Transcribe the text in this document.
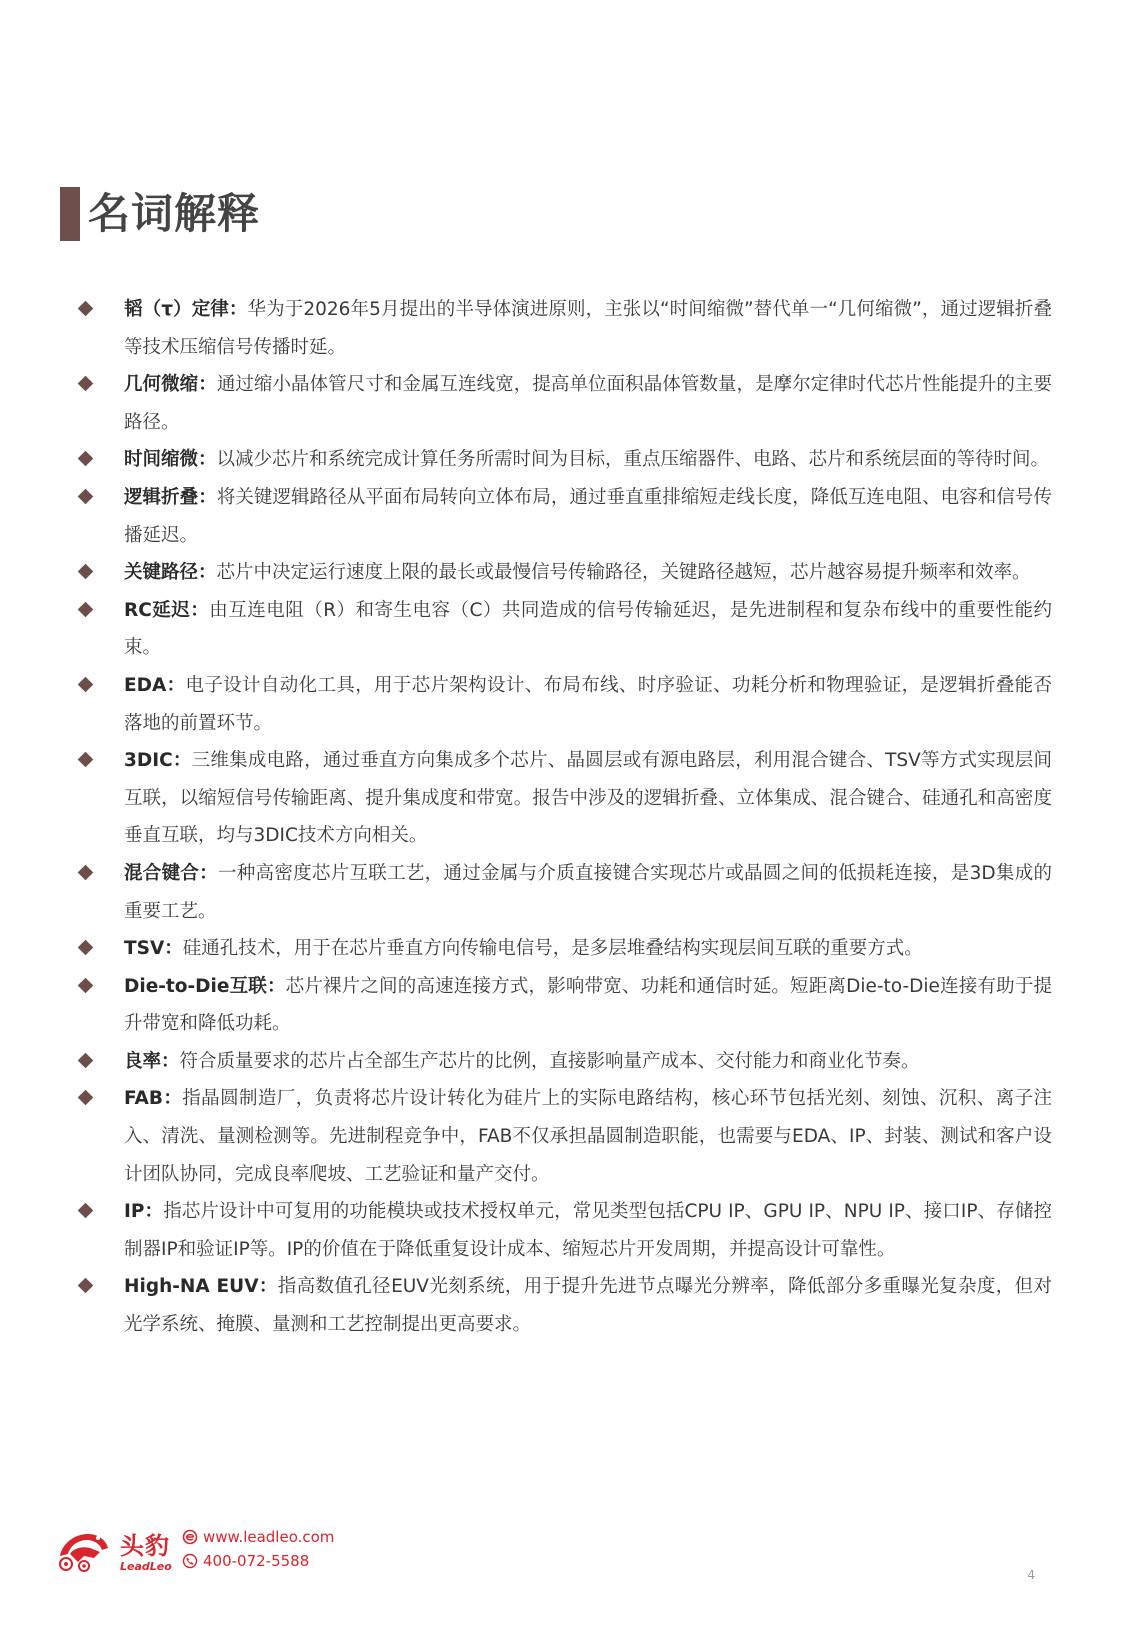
名词解释
韬（τ）定律：华为于2026年5月提出的半导体演进原则，主张以“时间缩微”替代单一“几何缩微”，通过逻辑折叠等技术压缩信号传播时延。
几何微缩：通过缩小晶体管尺寸和金属互连线宽，提高单位面积晶体管数量，是摩尔定律时代芯片性能提升的主要路径。
时间缩微：以减少芯片和系统完成计算任务所需时间为目标，重点压缩器件、电路、芯片和系统层面的等待时间。
逻辑折叠：将关键逻辑路径从平面布局转向立体布局，通过垂直重排缩短走线长度，降低互连电阻、电容和信号传播延迟。
关键路径：芯片中决定运行速度上限的最长或最慢信号传输路径，关键路径越短，芯片越容易提升频率和效率。
RC延迟：由互连电阻（R）和寄生电容（C）共同造成的信号传输延迟，是先进制程和复杂布线中的重要性能约束。
EDA：电子设计自动化工具，用于芯片架构设计、布局布线、时序验证、功耗分析和物理验证，是逻辑折叠能否落地的前置环节。
3DIC：三维集成电路，通过垂直方向集成多个芯片、晶圆层或有源电路层，利用混合键合、TSV等方式实现层间互联，以缩短信号传输距离、提升集成度和带宽。报告中涉及的逻辑折叠、立体集成、混合键合、硅通孔和高密度垂直互联，均与3DIC技术方向相关。
混合键合：一种高密度芯片互联工艺，通过金属与介质直接键合实现芯片或晶圆之间的低损耗连接，是3D集成的重要工艺。
TSV：硅通孔技术，用于在芯片垂直方向传输电信号，是多层堆叠结构实现层间互联的重要方式。
Die-to-Die互联：芯片裸片之间的高速连接方式，影响带宽、功耗和通信时延。短距离Die-to-Die连接有助于提升带宽和降低功耗。
良率：符合质量要求的芯片占全部生产芯片的比例，直接影响量产成本、交付能力和商业化节奏。
FAB：指晶圆制造厂，负责将芯片设计转化为硅片上的实际电路结构，核心环节包括光刻、刻蚀、沉积、离子注入、清洗、量测检测等。先进制程竞争中，FAB不仅承担晶圆制造职能，也需要与EDA、IP、封装、测试和客户设计团队协同，完成良率爬坡、工艺验证和量产交付。
IP：指芯片设计中可复用的功能模块或技术授权单元，常见类型包括CPU IP、GPU IP、NPU IP、接口IP、存储控制器IP和验证IP等。IP的价值在于降低重复设计成本、缩短芯片开发周期，并提高设计可靠性。
High-NA EUV：指高数值孔径EUV光刻系统，用于提升先进节点曝光分辨率，降低部分多重曝光复杂度，但对光学系统、掩膜、量测和工艺控制提出更高要求。
头豹
LeadLeo
www.leadleo.com
400-072-5588
4
